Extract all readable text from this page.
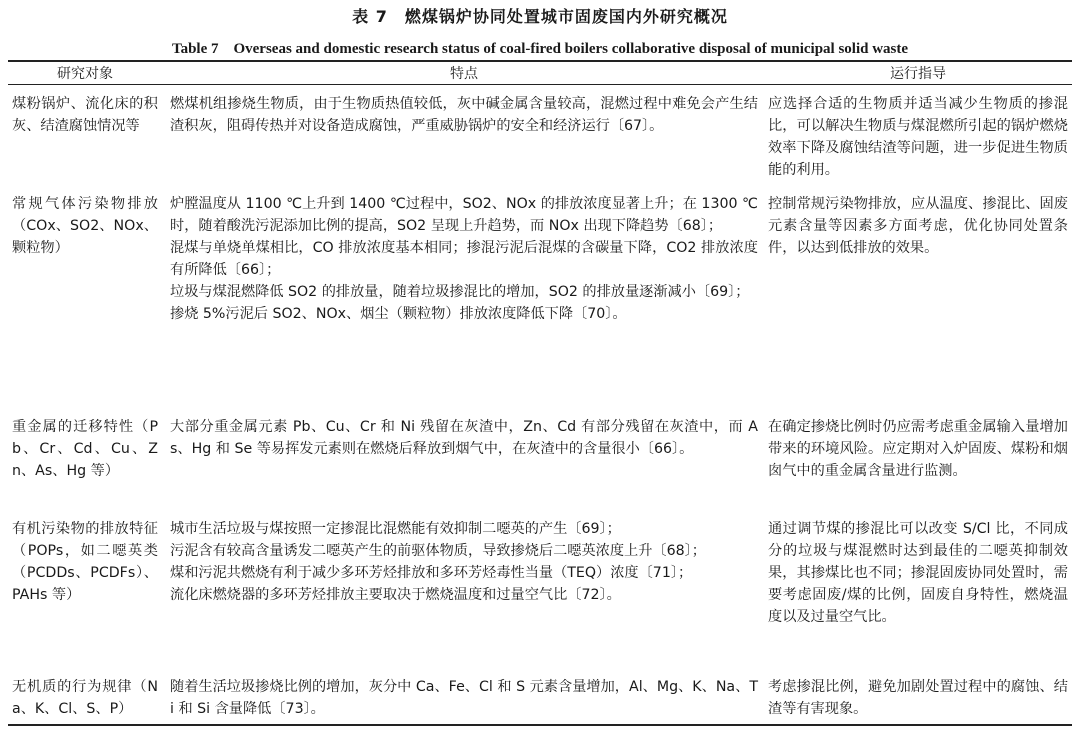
表 7　燃煤锅炉协同处置城市固废国内外研究概况
Table 7　Overseas and domestic research status of coal-fired boilers collaborative disposal of municipal solid waste
研究对象	特点	运行指导
煤粉锅炉、流化床的积灰、结渣腐蚀情况等

燃煤机组掺烧生物质，由于生物质热值较低，灰中碱金属含量较高，混燃过程中难免会产生结渣积灰，阻碍传热并对设备造成腐蚀，严重威胁锅炉的安全和经济运行〔67〕。

应选择合适的生物质并适当减少生物质的掺混比，可以解决生物质与煤混燃所引起的锅炉燃烧效率下降及腐蚀结渣等问题，进一步促进生物质能的利用。
常规气体污染物排放（COx、SO2、NOx、颗粒物）

炉膛温度从 1100 ℃上升到 1400 ℃过程中，SO2、NOx 的排放浓度显著上升；在 1300 ℃时，随着酸洗污泥添加比例的提高，SO2 呈现上升趋势，而 NOx 出现下降趋势〔68〕；

混煤与单烧单煤相比，CO 排放浓度基本相同；掺混污泥后混煤的含碳量下降，CO2 排放浓度有所降低〔66〕；

垃圾与煤混燃降低 SO2 的排放量，随着垃圾掺混比的增加，SO2 的排放量逐渐减小〔69〕；

掺烧 5%污泥后 SO2、NOx、烟尘（颗粒物）排放浓度降低下降〔70〕。

控制常规污染物排放，应从温度、掺混比、固废元素含量等因素多方面考虑，优化协同处置条件，以达到低排放的效果。
重金属的迁移特性（Pb、Cr、Cd、Cu、Zn、As、Hg 等）

大部分重金属元素 Pb、Cu、Cr 和 Ni 残留在灰渣中，Zn、Cd 有部分残留在灰渣中，而 As、Hg 和 Se 等易挥发元素则在燃烧后释放到烟气中，在灰渣中的含量很小〔66〕。

在确定掺烧比例时仍应需考虑重金属输入量增加带来的环境风险。应定期对入炉固废、煤粉和烟囱气中的重金属含量进行监测。
有机污染物的排放特征（POPs，如二噁英类（PCDDs、PCDFs）、PAHs 等）

城市生活垃圾与煤按照一定掺混比混燃能有效抑制二噁英的产生〔69〕；

污泥含有较高含量诱发二噁英产生的前驱体物质，导致掺烧后二噁英浓度上升〔68〕；

煤和污泥共燃烧有利于减少多环芳烃排放和多环芳烃毒性当量（TEQ）浓度〔71〕；

流化床燃烧器的多环芳烃排放主要取决于燃烧温度和过量空气比〔72〕。

通过调节煤的掺混比可以改变 S/Cl 比，不同成分的垃圾与煤混燃时达到最佳的二噁英抑制效果，其掺煤比也不同；掺混固废协同处置时，需要考虑固废/煤的比例，固废自身特性，燃烧温度以及过量空气比。
无机质的行为规律（Na、K、Cl、S、P）

随着生活垃圾掺烧比例的增加，灰分中 Ca、Fe、Cl 和 S 元素含量增加，Al、Mg、K、Na、Ti 和 Si 含量降低〔73〕。

考虑掺混比例，避免加剧处置过程中的腐蚀、结渣等有害现象。
